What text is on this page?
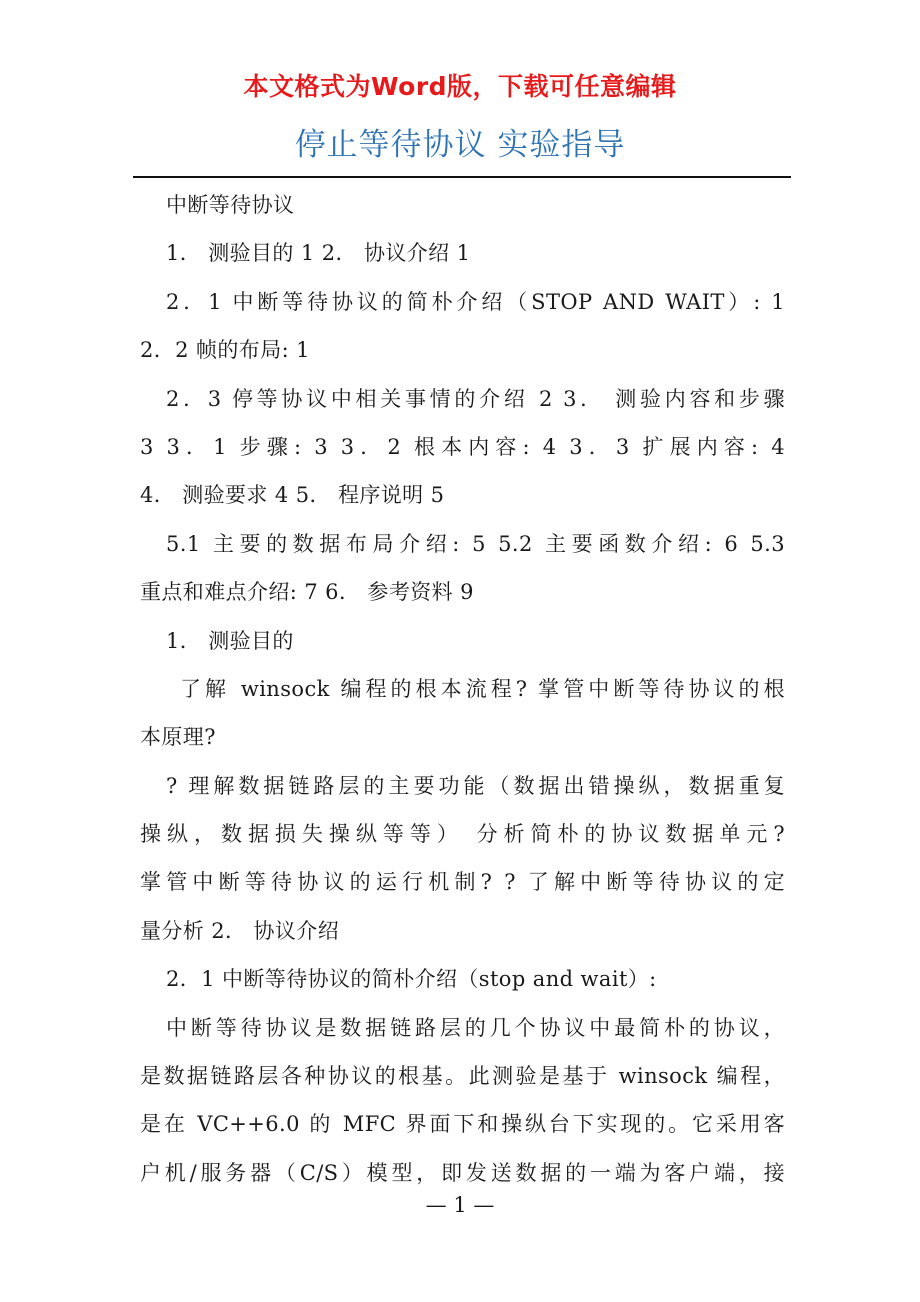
本文格式为Word版，下载可任意编辑
停止等待协议 实验指导
中断等待协议
1． 测验目的 1 2． 协议介绍 1
2．1 中断等待协议的简朴介绍（STOP AND WAIT）: 1
2．2 帧的布局: 1
2．3 停等协议中相关事情的介绍 2 3． 测验内容和步骤
3 3．1 步骤: 3 3．2 根本内容: 4 3．3 扩展内容: 4
4． 测验要求 4 5． 程序说明 5
5.1 主要的数据布局介绍: 5 5.2 主要函数介绍: 6 5.3
重点和难点介绍: 7 6． 参考资料 9
1． 测验目的
了解 winsock 编程的根本流程? 掌管中断等待协议的根
本原理?
? 理解数据链路层的主要功能（数据出错操纵，数据重复
操纵，数据损失操纵等等） 分析简朴的协议数据单元?
掌管中断等待协议的运行机制? ? 了解中断等待协议的定
量分析 2． 协议介绍
2．1 中断等待协议的简朴介绍（stop and wait）:
中断等待协议是数据链路层的几个协议中最简朴的协议，
是数据链路层各种协议的根基。此测验是基于 winsock 编程，
是在 VC++6.0 的 MFC 界面下和操纵台下实现的。它采用客
户机/服务器（C/S）模型，即发送数据的一端为客户端，接
— 1 —
